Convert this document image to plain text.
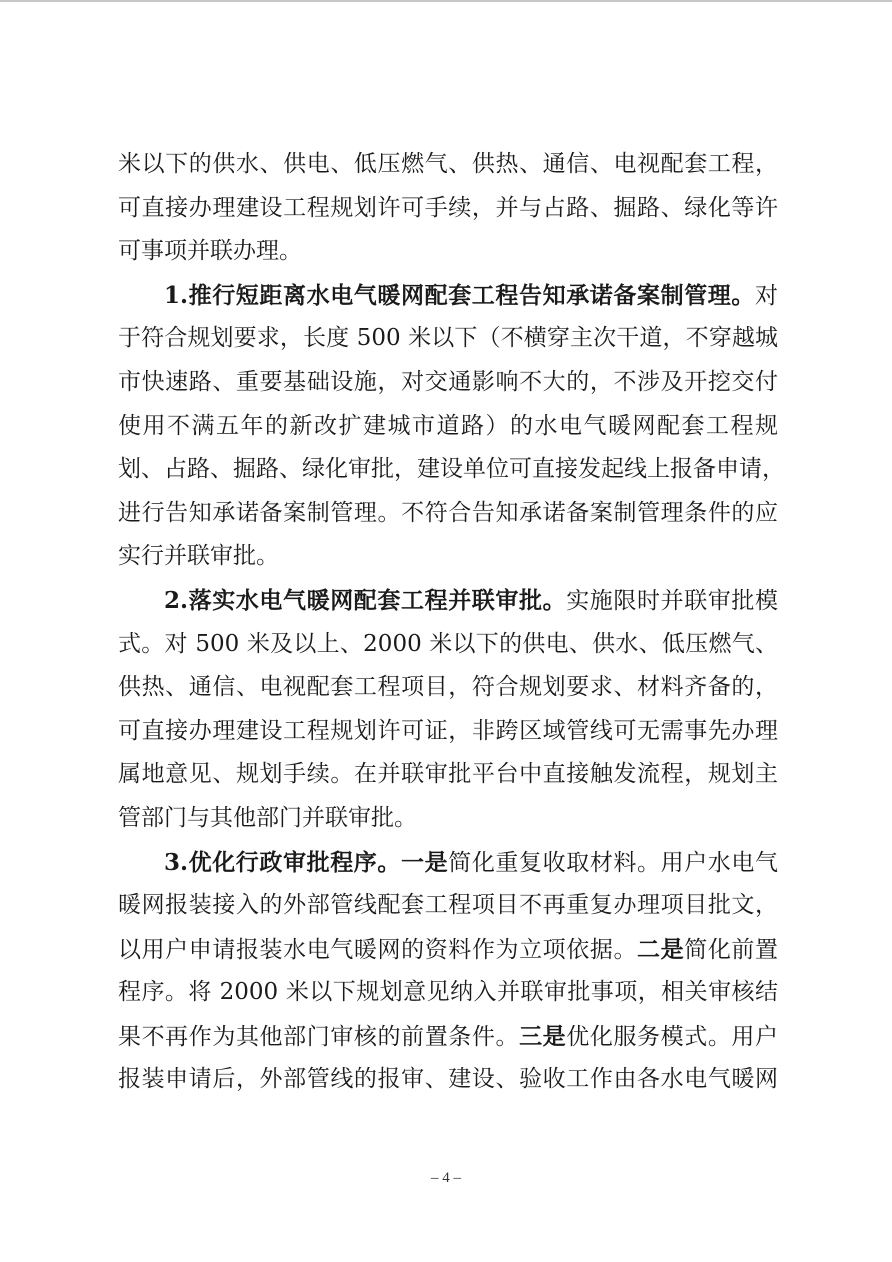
米以下的供水、供电、低压燃气、供热、通信、电视配套工程，
可直接办理建设工程规划许可手续，并与占路、掘路、绿化等许
可事项并联办理。
1.推行短距离水电气暖网配套工程告知承诺备案制管理。对
于符合规划要求，长度 500 米以下（不横穿主次干道，不穿越城
市快速路、重要基础设施，对交通影响不大的，不涉及开挖交付
使用不满五年的新改扩建城市道路）的水电气暖网配套工程规
划、占路、掘路、绿化审批，建设单位可直接发起线上报备申请，
进行告知承诺备案制管理。不符合告知承诺备案制管理条件的应
实行并联审批。
2.落实水电气暖网配套工程并联审批。实施限时并联审批模
式。对 500 米及以上、2000 米以下的供电、供水、低压燃气、
供热、通信、电视配套工程项目，符合规划要求、材料齐备的，
可直接办理建设工程规划许可证，非跨区域管线可无需事先办理
属地意见、规划手续。在并联审批平台中直接触发流程，规划主
管部门与其他部门并联审批。
3.优化行政审批程序。一是简化重复收取材料。用户水电气
暖网报装接入的外部管线配套工程项目不再重复办理项目批文，
以用户申请报装水电气暖网的资料作为立项依据。二是简化前置
程序。将 2000 米以下规划意见纳入并联审批事项，相关审核结
果不再作为其他部门审核的前置条件。三是优化服务模式。用户
报装申请后，外部管线的报审、建设、验收工作由各水电气暖网
– 4 –
